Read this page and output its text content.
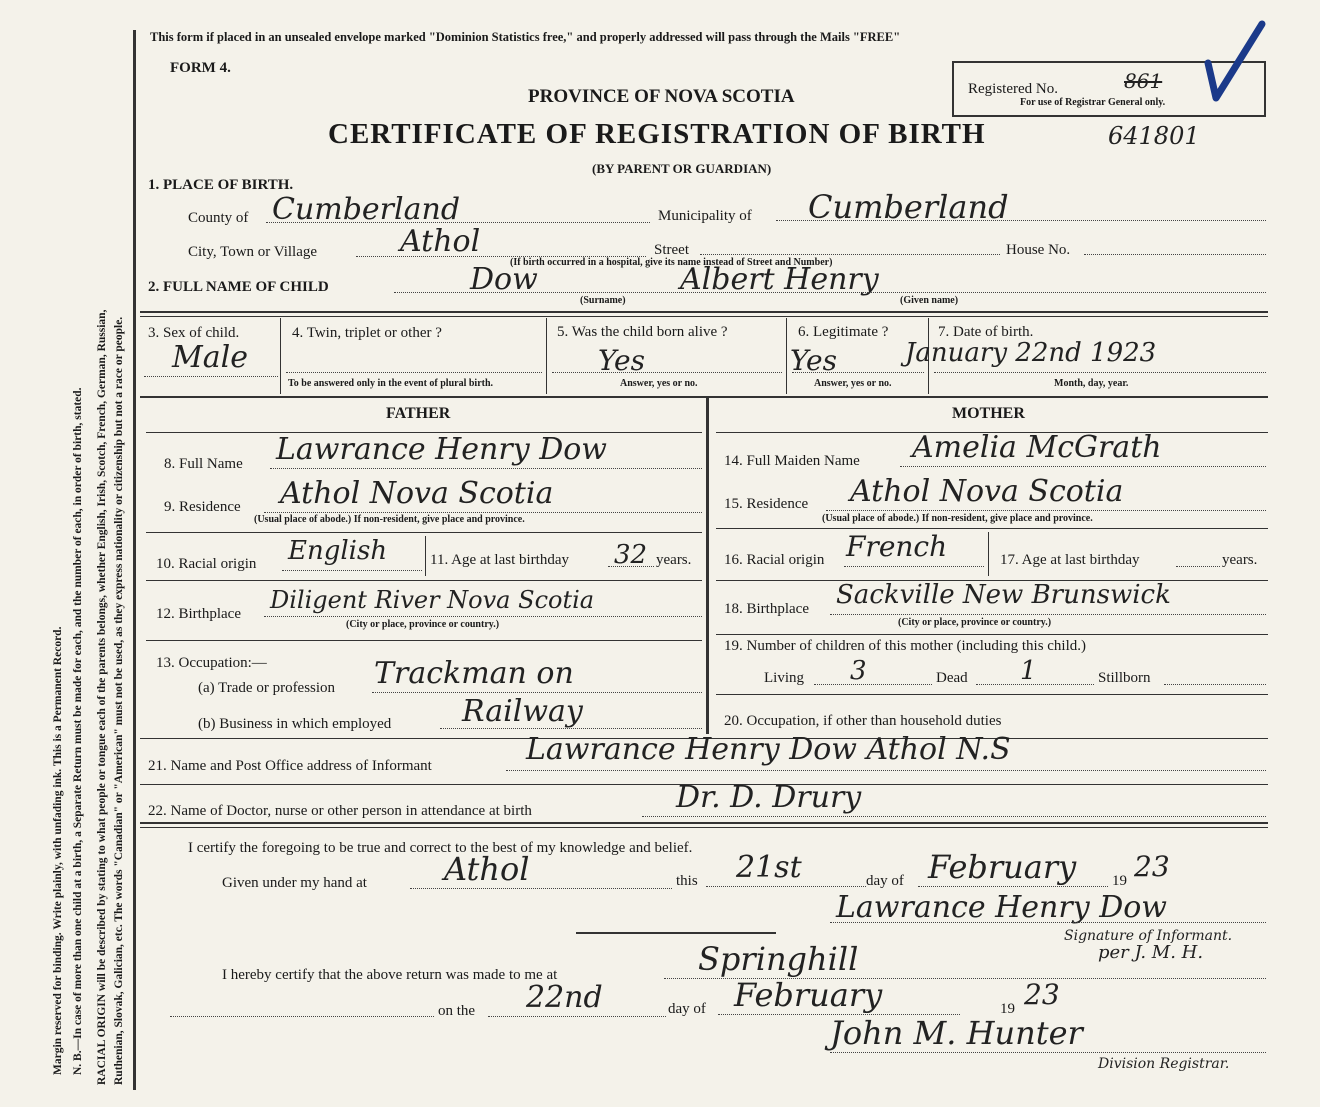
Margin reserved for binding. Write plainly, with unfading ink. This is a Permanent Record. N. B.—In case of more than one child at a birth, a Separate Return must be made for each, and the number of each, in order of birth, stated. RACIAL ORIGIN will be described by stating to what people or tongue each of the parents belongs, whether English, Irish, Scotch, French, German, Russian, Ruthenian, Slovak, Galician, etc. The words "Canadian" or "American" must not be used, as they express nationality or citizenship but not a race or people.
This form if placed in an unsealed envelope marked "Dominion Statistics free," and properly addressed will pass through the Mails "FREE"
FORM 4.
PROVINCE OF NOVA SCOTIA
CERTIFICATE OF REGISTRATION OF BIRTH	641801
(BY PARENT OR GUARDIAN)
Registered No.	861
For use of Registrar General only.
1. PLACE OF BIRTH.
County of Cumberland	Municipality of Cumberland
City, Town or Village	Athol	Street	House No.
(If birth occurred in a hospital, give its name instead of Street and Number)
2. FULL NAME OF CHILD	Dow	Albert Henry
(Surname)	(Given name)
3. Sex of child.
Male
4. Twin, triplet or other ?
To be answered only in the event of plural birth.
5. Was the child born alive ?
Yes
Answer, yes or no.
6. Legitimate ?
Yes
Answer, yes or no.
7. Date of birth.
January 22nd 1923
Month, day, year.
FATHER
8. Full Name Lawrance Henry Dow
9. Residence Athol Nova Scotia
(Usual place of abode.) If non-resident, give place and province.
10. Racial origin English	11. Age at last birthday 32 years.
12. Birthplace Diligent River Nova Scotia
(City or place, province or country.)
13. Occupation:—
(a) Trade or profession Trackman on
(b) Business in which employed Railway
MOTHER
14. Full Maiden Name Amelia McGrath
15. Residence Athol Nova Scotia
(Usual place of abode.) If non-resident, give place and province.
16. Racial origin French	17. Age at last birthday	years.
18. Birthplace Sackville New Brunswick
(City or place, province or country.)
19. Number of children of this mother (including this child.)
Living 3	Dead 1	Stillborn
20. Occupation, if other than household duties
21. Name and Post Office address of Informant	Lawrance Henry Dow Athol N.S
22. Name of Doctor, nurse or other person in attendance at birth	Dr. D. Drury
I certify the foregoing to be true and correct to the best of my knowledge and belief.
Given under my hand at Athol	this 21st	day of February 19 23
Lawrance Henry Dow
Signature of Informant.
per J. M. H.
I hereby certify that the above return was made to me at	Springhill
on the 22nd	day of February	19 23
John M. Hunter
Division Registrar.
